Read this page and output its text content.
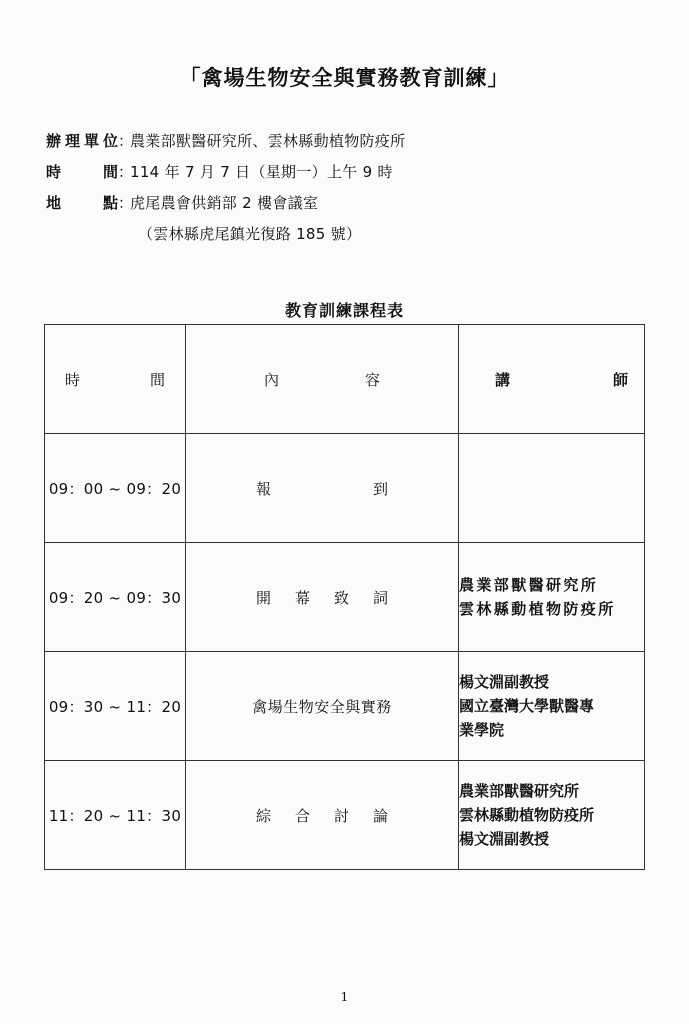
「禽場生物安全與實務教育訓練」
辦理單位：農業部獸醫研究所、雲林縣動植物防疫所
時間：114 年 7 月 7 日（星期一）上午 9 時
地點：虎尾農會供銷部 2 樓會議室
（雲林縣虎尾鎮光復路 185 號）
教育訓練課程表
時 間	內 容	講 師

09：00 ~ 09：20	報 到	

09：20 ~ 09：30	開 幕 致 詞	農業部獸醫研究所
雲林縣動植物防疫所

09：30 ~ 11：20	禽場生物安全與實務	楊文淵副教授
國立臺灣大學獸醫專
業學院

11：20 ~ 11：30	綜 合 討 論	農業部獸醫研究所
雲林縣動植物防疫所
楊文淵副教授
1
